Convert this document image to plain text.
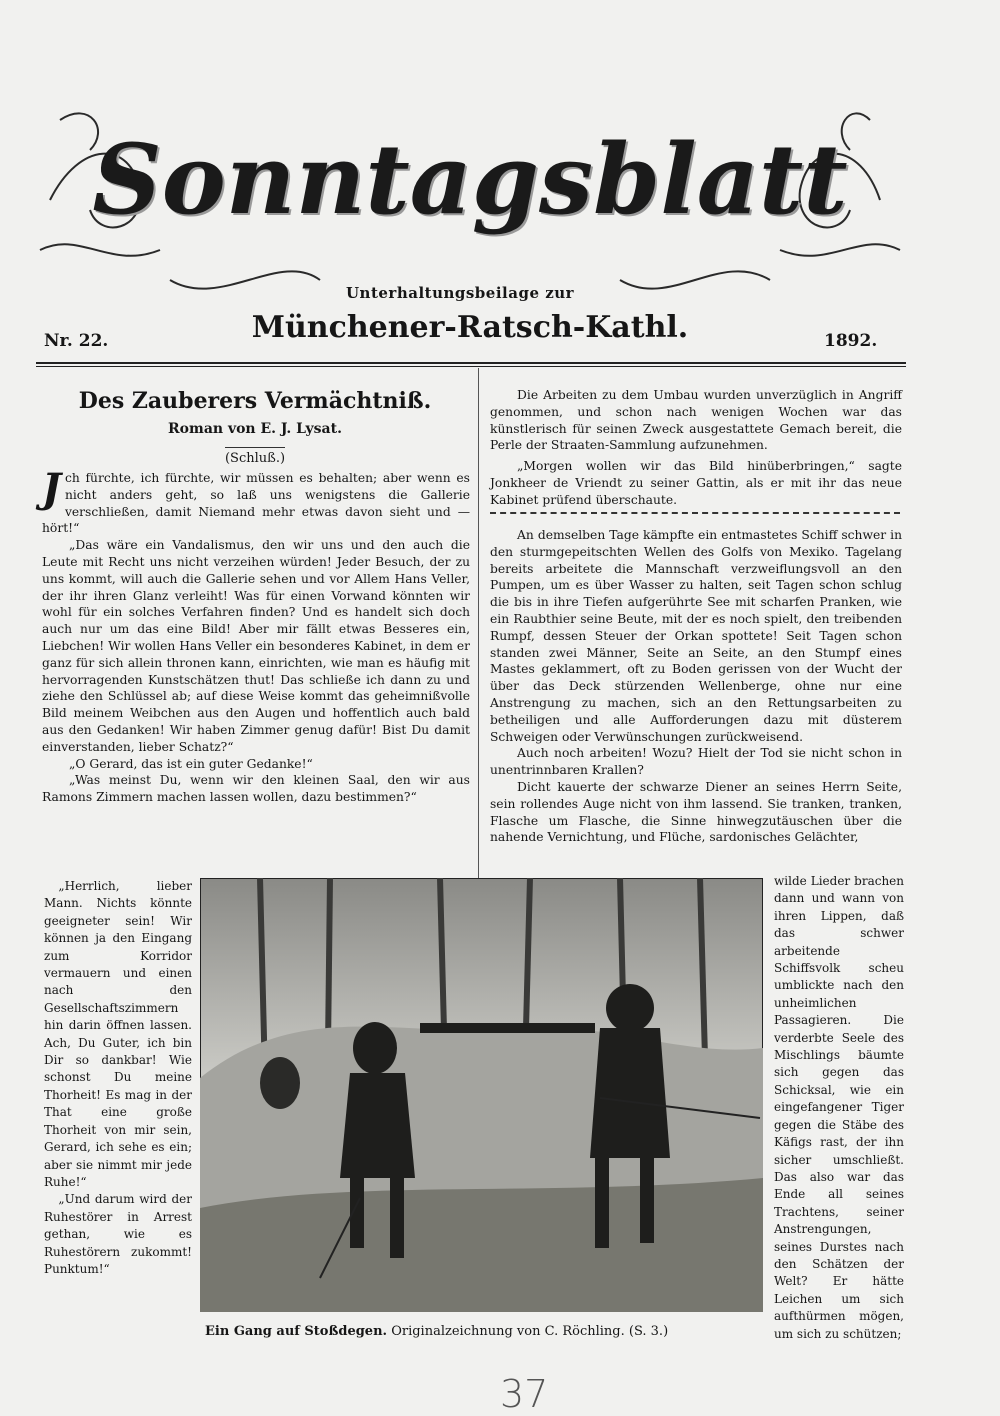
Sonntagsblatt
Unterhaltungsbeilage zur
Nr. 22.	Münchener-Ratsch-Kathl.	1892.
Des Zauberers Vermächtniß.
Roman von E. J. Lysat.
(Schluß.)

Jch fürchte, ich fürchte, wir müssen es behalten; aber wenn es nicht anders geht, so laß uns wenigstens die Gallerie verschließen, damit Niemand mehr etwas davon sieht und — hört!“

„Das wäre ein Vandalismus, den wir uns und den auch die Leute mit Recht uns nicht verzeihen würden! Jeder Besuch, der zu uns kommt, will auch die Gallerie sehen und vor Allem Hans Veller, der ihr ihren Glanz verleiht! Was für einen Vorwand könnten wir wohl für ein solches Verfahren finden? Und es handelt sich doch auch nur um das eine Bild! Aber mir fällt etwas Besseres ein, Liebchen! Wir wollen Hans Veller ein besonderes Kabinet, in dem er ganz für sich allein thronen kann, einrichten, wie man es häufig mit hervorragenden Kunstschätzen thut! Das schließe ich dann zu und ziehe den Schlüssel ab; auf diese Weise kommt das geheimnißvolle Bild meinem Weibchen aus den Augen und hoffentlich auch bald aus den Gedanken! Wir haben Zimmer genug dafür! Bist Du damit einverstanden, lieber Schatz?“

„O Gerard, das ist ein guter Gedanke!“

„Was meinst Du, wenn wir den kleinen Saal, den wir aus Ramons Zimmern machen lassen wollen, dazu bestimmen?“

„Herrlich, lieber Mann. Nichts könnte geeigneter sein! Wir können ja den Eingang zum Korridor vermauern und einen nach den Gesellschaftszimmern hin darin öffnen lassen. Ach, Du Guter, ich bin Dir so dankbar! Wie schonst Du meine Thorheit! Es mag in der That eine große Thorheit von mir sein, Gerard, ich sehe es ein; aber sie nimmt mir jede Ruhe!“

„Und darum wird der Ruhestörer in Arrest gethan, wie es Ruhestörern zukommt! Punktum!“

Die Arbeiten zu dem Umbau wurden unverzüglich in Angriff genommen, und schon nach wenigen Wochen war das künstlerisch für seinen Zweck ausgestattete Gemach bereit, die Perle der Straaten-Sammlung aufzunehmen.

„Morgen wollen wir das Bild hinüberbringen,“ sagte Jonkheer de Vriendt zu seiner Gattin, als er mit ihr das neue Kabinet prüfend überschaute.

An demselben Tage kämpfte ein entmastetes Schiff schwer in den sturmgepeitschten Wellen des Golfs von Mexiko. Tagelang bereits arbeitete die Mannschaft verzweiflungsvoll an den Pumpen, um es über Wasser zu halten, seit Tagen schon schlug die bis in ihre Tiefen aufgerührte See mit scharfen Pranken, wie ein Raubthier seine Beute, mit der es noch spielt, den treibenden Rumpf, dessen Steuer der Orkan spottete! Seit Tagen schon standen zwei Männer, Seite an Seite, an den Stumpf eines Mastes geklammert, oft zu Boden gerissen von der Wucht der über das Deck stürzenden Wellenberge, ohne nur eine Anstrengung zu machen, sich an den Rettungsarbeiten zu betheiligen und alle Aufforderungen dazu mit düsterem Schweigen oder Verwünschungen zurückweisend.

Auch noch arbeiten! Wozu? Hielt der Tod sie nicht schon in unentrinnbaren Krallen?

Dicht kauerte der schwarze Diener an seines Herrn Seite, sein rollendes Auge nicht von ihm lassend. Sie tranken, tranken, Flasche um Flasche, die Sinne hinwegzutäuschen über die nahende Vernichtung, und Flüche, sardonisches Gelächter,

wilde Lieder brachen dann und wann von ihren Lippen, daß das schwer arbeitende Schiffsvolk scheu umblickte nach den unheimlichen Passagieren. Die verderbte Seele des Mischlings bäumte sich gegen das Schicksal, wie ein eingefangener Tiger gegen die Stäbe des Käfigs rast, der ihn sicher umschließt. Das also war das Ende all seines Trachtens, seiner Anstrengungen, seines Durstes nach den Schätzen der Welt? Er hätte Leichen um sich aufthürmen mögen, um sich zu schützen;

Ein Gang auf Stoßdegen. Originalzeichnung von C. Röchling. (S. 3.)
37
